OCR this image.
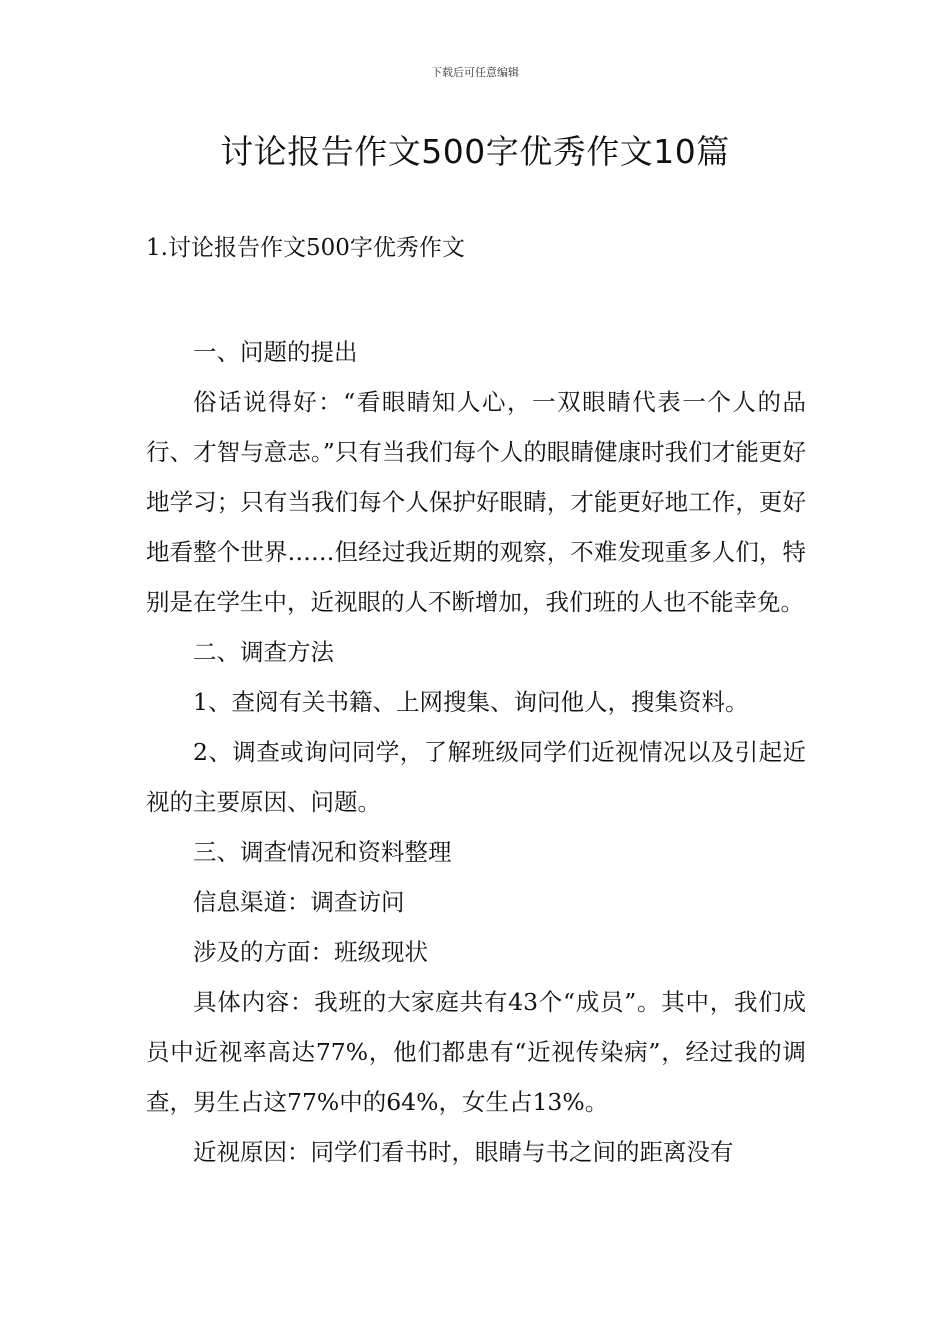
下载后可任意编辑
讨论报告作文500字优秀作文10篇

1.讨论报告作文500字优秀作文

一、问题的提出

俗话说得好：“看眼睛知人心，一双眼睛代表一个人的品行、才智与意志。”只有当我们每个人的眼睛健康时我们才能更好地学习；只有当我们每个人保护好眼睛，才能更好地工作，更好地看整个世界……但经过我近期的观察，不难发现重多人们，特别是在学生中，近视眼的人不断增加，我们班的人也不能幸免。

二、调查方法

1、查阅有关书籍、上网搜集、询问他人，搜集资料。

2、调查或询问同学，了解班级同学们近视情况以及引起近视的主要原因、问题。

三、调查情况和资料整理

信息渠道：调查访问

涉及的方面：班级现状

具体内容：我班的大家庭共有43个“成员”。其中，我们成员中近视率高达77%，他们都患有“近视传染病”，经过我的调查，男生占这77%中的64%，女生占13%。

近视原因：同学们看书时，眼睛与书之间的距离没有
